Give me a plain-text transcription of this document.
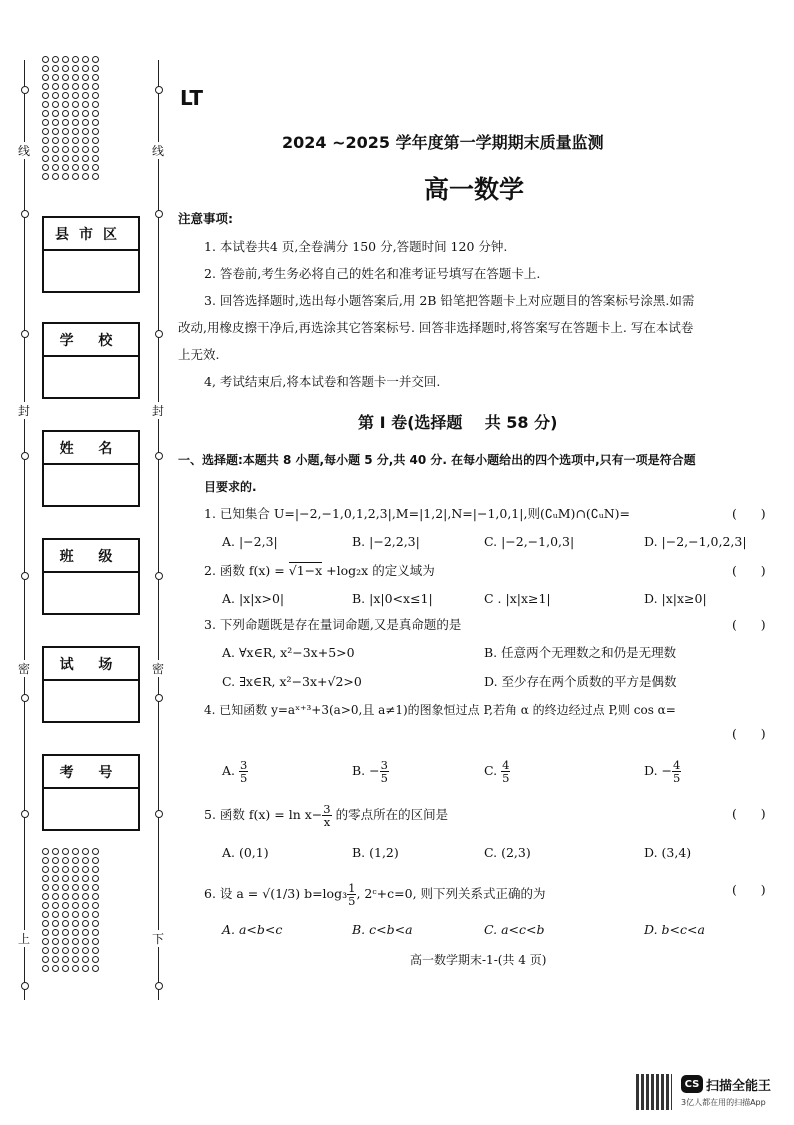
线
封
密
上
线
封
密
下
县市区
学 校
姓 名
班 级
试 场
考 号
LT
2024 ~2025 学年度第一学期期末质量监测
高一数学
注意事项:
1. 本试卷共4 页,全卷满分 150 分,答题时间 120 分钟.
2. 答卷前,考生务必将自己的姓名和准考证号填写在答题卡上.
3. 回答选择题时,选出每小题答案后,用 2B 铅笔把答题卡上对应题目的答案标号涂黑.如需
改动,用橡皮擦干净后,再选涂其它答案标号. 回答非选择题时,将答案写在答题卡上. 写在本试卷
上无效.
4, 考试结束后,将本试卷和答题卡一并交回.
第 Ⅰ 卷(选择题    共 58 分)
一、选择题:本题共 8 小题,每小题 5 分,共 40 分. 在每小题给出的四个选项中,只有一项是符合题
目要求的.
1. 已知集合 U=|−2,−1,0,1,2,3|,M=|1,2|,N=|−1,0,1|,则(∁ᵤM)∩(∁ᵤN)=	(      )
A. |−2,3|	B. |−2,2,3|	C. |−2,−1,0,3|	D. |−2,−1,0,2,3|
2. 函数 f(x) = √1−x +log₂x 的定义域为	(      )
A. |x|x>0|	B. |x|0<x≤1|	C . |x|x≥1|	D. |x|x≥0|
3. 下列命题既是存在量词命题,又是真命题的是	(      )
A. ∀x∈R, x²−3x+5>0	B. 任意两个无理数之和仍是无理数
C. ∃x∈R, x²−3x+√2>0	D. 至少存在两个质数的平方是偶数
4. 已知函数 y=aˣ⁺³+3(a>0,且 a≠1)的图象恒过点 P,若角 α 的终边经过点 P,则 cos α=
(      )
A. $\frac{3}{5}$	B. − $\frac{3}{5}$	C. $\frac{4}{5}$	D. − $\frac{4}{5}$
5. 函数 $f(x) = \ln x- \frac{3}{x}$ 的零点所在的区间是	(      )
A. (0,1)	B. (1,2)	C. (2,3)	D. (3,4)
6. 设 a = √(1/3) $b=\log_3 \frac{1}{5}$ , 2ᶜ+c=0, 则下列关系式正确的为	(      )
A. a<b<c	B. c<b<a	C. a<c<b	D. b<c<a
高一数学期末-1-(共 4 页)
CS 扫描全能王
3亿人都在用的扫描App
